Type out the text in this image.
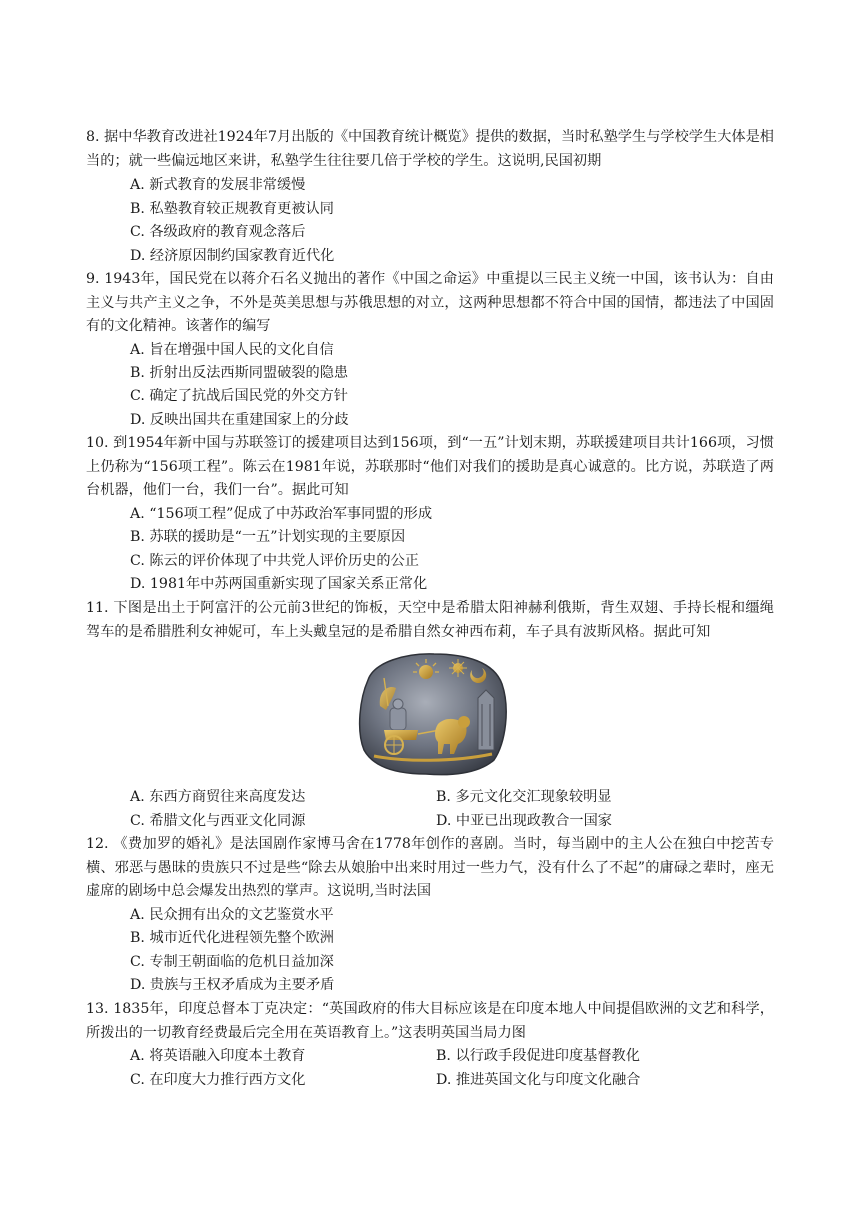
8. 据中华教育改进社1924年7月出版的《中国教育统计概览》提供的数据，当时私塾学生与学校学生大体是相当的；就一些偏远地区来讲，私塾学生往往要几倍于学校的学生。这说明,民国初期

A. 新式教育的发展非常缓慢
B. 私塾教育较正规教育更被认同
C. 各级政府的教育观念落后
D. 经济原因制约国家教育近代化

9. 1943年，国民党在以蒋介石名义抛出的著作《中国之命运》中重提以三民主义统一中国，该书认为：自由主义与共产主义之争，不外是英美思想与苏俄思想的对立，这两种思想都不符合中国的国情，都违法了中国固有的文化精神。该著作的编写

A. 旨在增强中国人民的文化自信
B. 折射出反法西斯同盟破裂的隐患
C. 确定了抗战后国民党的外交方针
D. 反映出国共在重建国家上的分歧

10. 到1954年新中国与苏联签订的援建项目达到156项，到“一五”计划末期，苏联援建项目共计166项，习惯上仍称为“156项工程”。陈云在1981年说，苏联那时“他们对我们的援助是真心诚意的。比方说，苏联造了两台机器，他们一台，我们一台”。据此可知

A. “156项工程”促成了中苏政治军事同盟的形成
B. 苏联的援助是“一五”计划实现的主要原因
C. 陈云的评价体现了中共党人评价历史的公正
D. 1981年中苏两国重新实现了国家关系正常化

11. 下图是出土于阿富汗的公元前3世纪的饰板，天空中是希腊太阳神赫利俄斯，背生双翅、手持长棍和缰绳驾车的是希腊胜利女神妮可，车上头戴皇冠的是希腊自然女神西布莉，车子具有波斯风格。据此可知

A. 东西方商贸往来高度发达	B. 多元文化交汇现象较明显
C. 希腊文化与西亚文化同源	D. 中亚已出现政教合一国家

12. 《费加罗的婚礼》是法国剧作家博马舍在1778年创作的喜剧。当时，每当剧中的主人公在独白中挖苦专横、邪恶与愚昧的贵族只不过是些“除去从娘胎中出来时用过一些力气，没有什么了不起”的庸碌之辈时，座无虚席的剧场中总会爆发出热烈的掌声。这说明,当时法国

A. 民众拥有出众的文艺鉴赏水平
B. 城市近代化进程领先整个欧洲
C. 专制王朝面临的危机日益加深
D. 贵族与王权矛盾成为主要矛盾

13. 1835年，印度总督本丁克决定：“英国政府的伟大目标应该是在印度本地人中间提倡欧洲的文艺和科学，所拨出的一切教育经费最后完全用在英语教育上。”这表明英国当局力图

A. 将英语融入印度本土教育	B. 以行政手段促进印度基督教化
C. 在印度大力推行西方文化	D. 推进英国文化与印度文化融合
